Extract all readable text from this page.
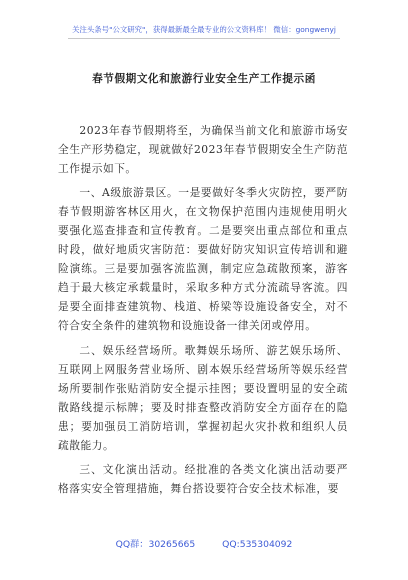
关注头条号"公文研究"，获得最新最全最专业的公文资料库！ 微信：gongwenyj
春节假期文化和旅游行业安全生产工作提示函

2023年春节假期将至，为确保当前文化和旅游市场安全生产形势稳定，现就做好2023年春节假期安全生产防范工作提示如下。

一、A级旅游景区。一是要做好冬季火灾防控，要严防春节假期游客林区用火，在文物保护范围内违规使用明火要强化巡查排查和宣传教育。二是要突出重点部位和重点时段，做好地质灾害防范：要做好防灾知识宣传培训和避险演练。三是要加强客流监测，制定应急疏散预案，游客趋于最大核定承载量时，采取多种方式分流疏导客流。四是要全面排查建筑物、栈道、桥梁等设施设备安全，对不符合安全条件的建筑物和设施设备一律关闭或停用。

二、娱乐经营场所。歌舞娱乐场所、游艺娱乐场所、互联网上网服务营业场所、剧本娱乐经营场所等娱乐经营场所要制作张贴消防安全提示挂图；要设置明显的安全疏散路线提示标牌；要及时排查整改消防安全方面存在的隐患；要加强员工消防培训，掌握初起火灾扑救和组织人员疏散能力。

三、文化演出活动。经批准的各类文化演出活动要严格落实安全管理措施，舞台搭设要符合安全技术标准，要

QQ群：30265665	QQ:535304092
